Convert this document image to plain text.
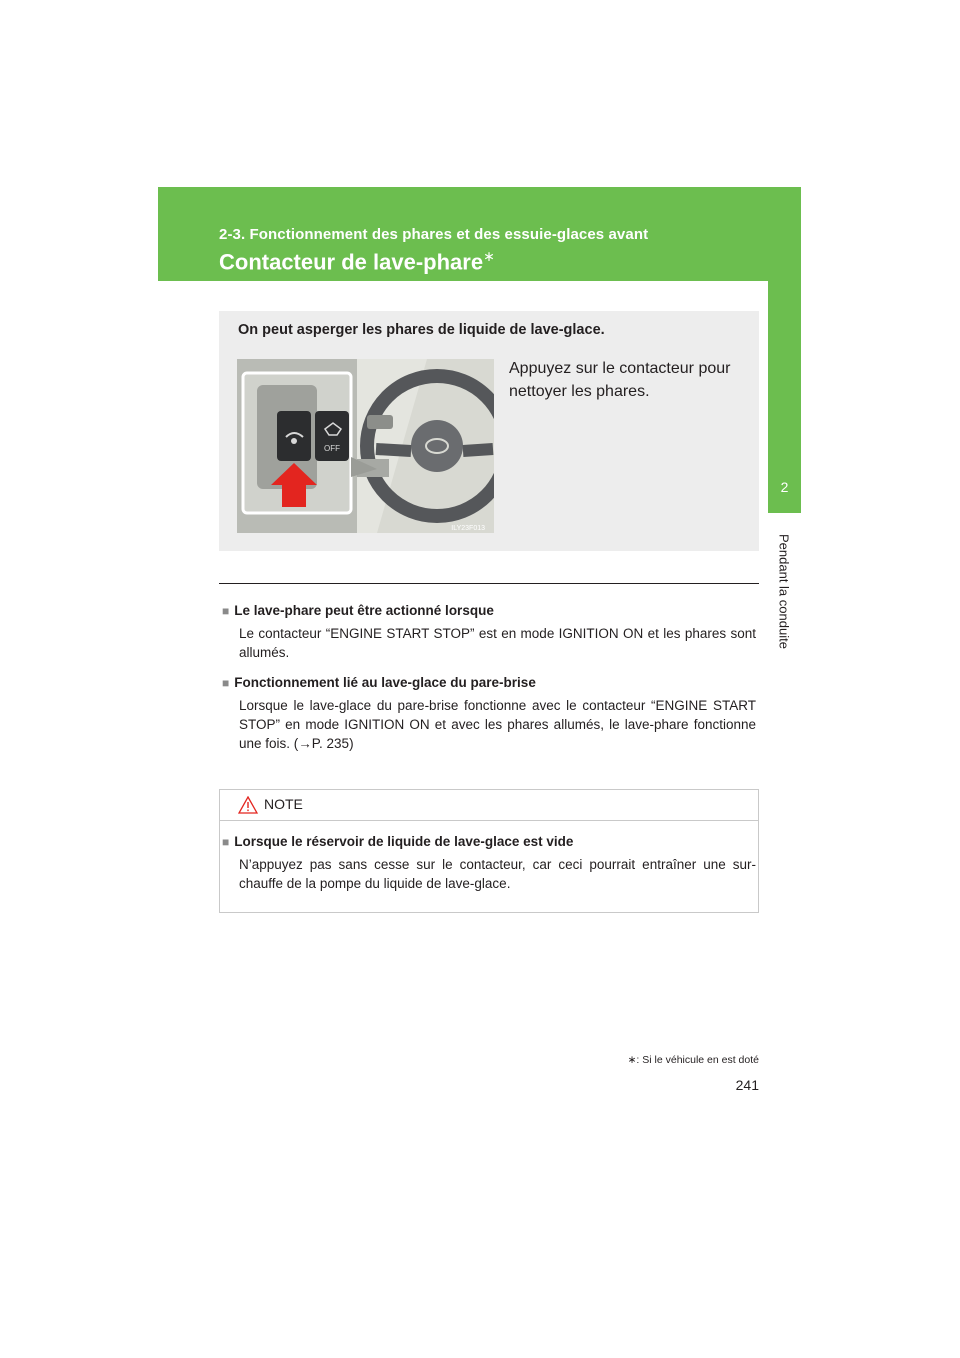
2-3. Fonctionnement des phares et des essuie-glaces avant
Contacteur de lave-phare∗
2
Pendant la conduite
On peut asperger les phares de liquide de lave-glace.
OFF
ILY23F013
Appuyez sur le contacteur pour nettoyer les phares.

■ Le lave-phare peut être actionné lorsque

Le contacteur “ENGINE START STOP” est en mode IGNITION ON et les phares sont allumés.

■ Fonctionnement lié au lave-glace du pare-brise

Lorsque le lave-glace du pare-brise fonctionne avec le contacteur “ENGINE START STOP” en mode IGNITION ON et avec les phares allumés, le lave-phare fonctionne une fois. (→P. 235)

NOTE

■ Lorsque le réservoir de liquide de lave-glace est vide

N’appuyez pas sans cesse sur le contacteur, car ceci pourrait entraîner une sur-chauffe de la pompe du liquide de lave-glace.

∗: Si le véhicule en est doté
241
